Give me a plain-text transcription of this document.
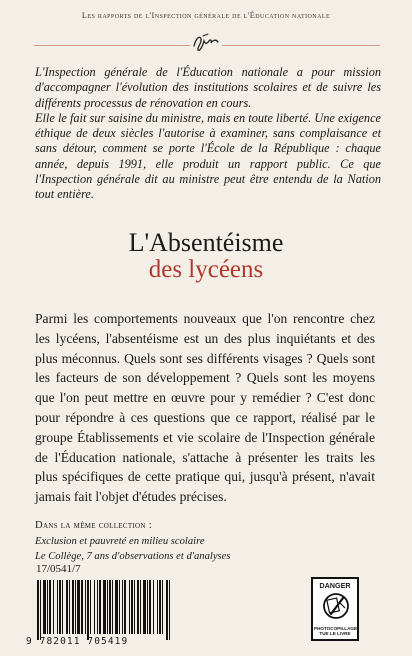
Les rapports de l'Inspection générale de l'Éducation nationale

L'Inspection générale de l'Éducation nationale a pour mission d'accompagner l'évolution des institutions scolaires et de suivre les différents processus de rénovation en cours.

Elle le fait sur saisine du ministre, mais en toute liberté. Une exigence éthique de deux siècles l'autorise à examiner, sans complaisance et sans détour, comment se porte l'École de la République : chaque année, depuis 1991, elle produit un rapport public. Ce que l'Inspection générale dit au ministre peut être entendu de la Nation tout entière.

L'Absentéisme
des lycéens

Parmi les comportements nouveaux que l'on rencontre chez les lycéens, l'absentéisme est un des plus inquiétants et des plus méconnus. Quels sont ses différents visages ? Quels sont les facteurs de son développement ? Quels sont les moyens que l'on peut mettre en œuvre pour y remédier ? C'est donc pour répondre à ces questions que ce rapport, réalisé par le groupe Établissements et vie scolaire de l'Inspection générale de l'Éducation nationale, s'attache à présenter les traits les plus spécifiques de cette pratique qui, jusqu'à présent, n'avait jamais fait l'objet d'études précises.

Dans la même collection :
Exclusion et pauvreté en milieu scolaire
Le Collège, 7 ans d'observations et d'analyses
17/0541/7
9 782011 705419
DANGER
PHOTOCOPILLAGE TUE LE LIVRE
